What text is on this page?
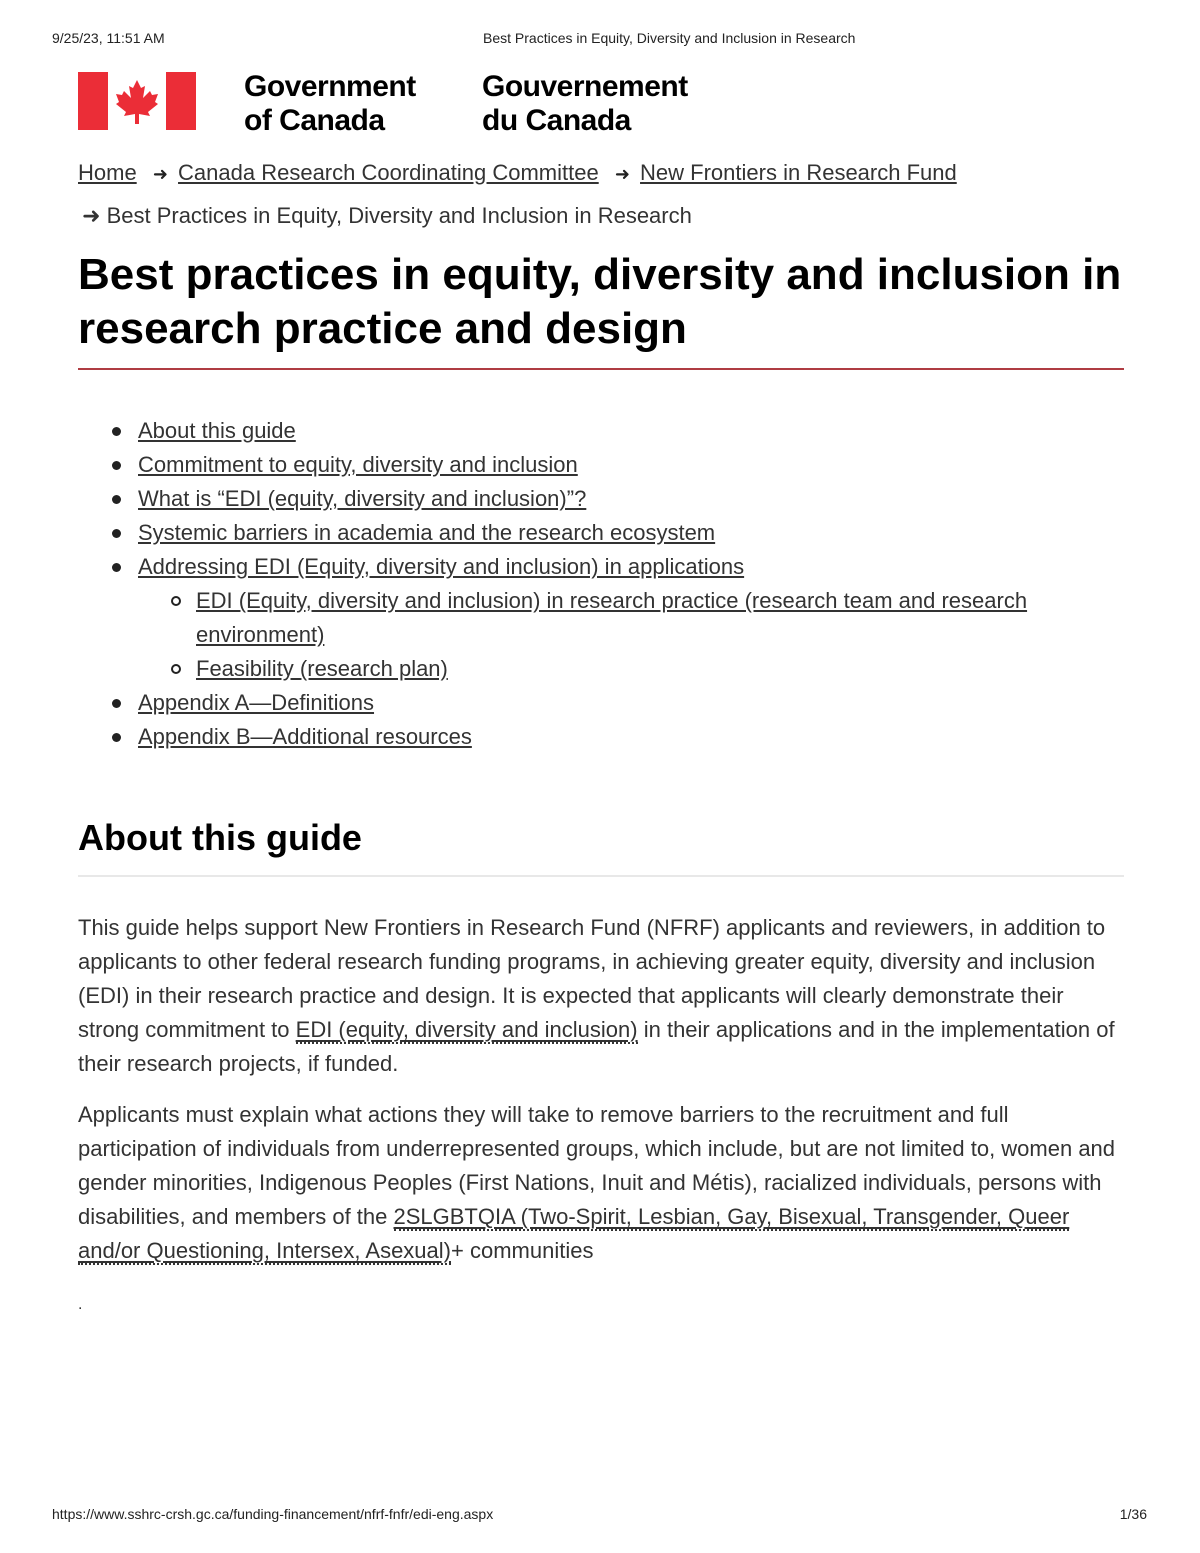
9/25/23, 11:51 AM	Best Practices in Equity, Diversity and Inclusion in Research
Government
of Canada
Gouvernement
du Canada
Home ➜ Canada Research Coordinating Committee ➜ New Frontiers in Research Fund
➜ Best Practices in Equity, Diversity and Inclusion in Research
Best practices in equity, diversity and inclusion in research practice and design
About this guide
Commitment to equity, diversity and inclusion
What is “EDI (equity, diversity and inclusion)”?
Systemic barriers in academia and the research ecosystem
Addressing EDI (Equity, diversity and inclusion) in applications
EDI (Equity, diversity and inclusion) in research practice (research team and research environment)
Feasibility (research plan)
Appendix A—Definitions
Appendix B—Additional resources
About this guide

This guide helps support New Frontiers in Research Fund (NFRF) applicants and reviewers, in addition to applicants to other federal research funding programs, in achieving greater equity, diversity and inclusion (EDI) in their research practice and design. It is expected that applicants will clearly demonstrate their strong commitment to EDI (equity, diversity and inclusion) in their applications and in the implementation of their research projects, if funded.

Applicants must explain what actions they will take to remove barriers to the recruitment and full participation of individuals from underrepresented groups, which include, but are not limited to, women and gender minorities, Indigenous Peoples (First Nations, Inuit and Métis), racialized individuals, persons with disabilities, and members of the 2SLGBTQIA (Two-Spirit, Lesbian, Gay, Bisexual, Transgender, Queer and/or Questioning, Intersex, Asexual)+ communities

.

https://www.sshrc-crsh.gc.ca/funding-financement/nfrf-fnfr/edi-eng.aspx	1/36
